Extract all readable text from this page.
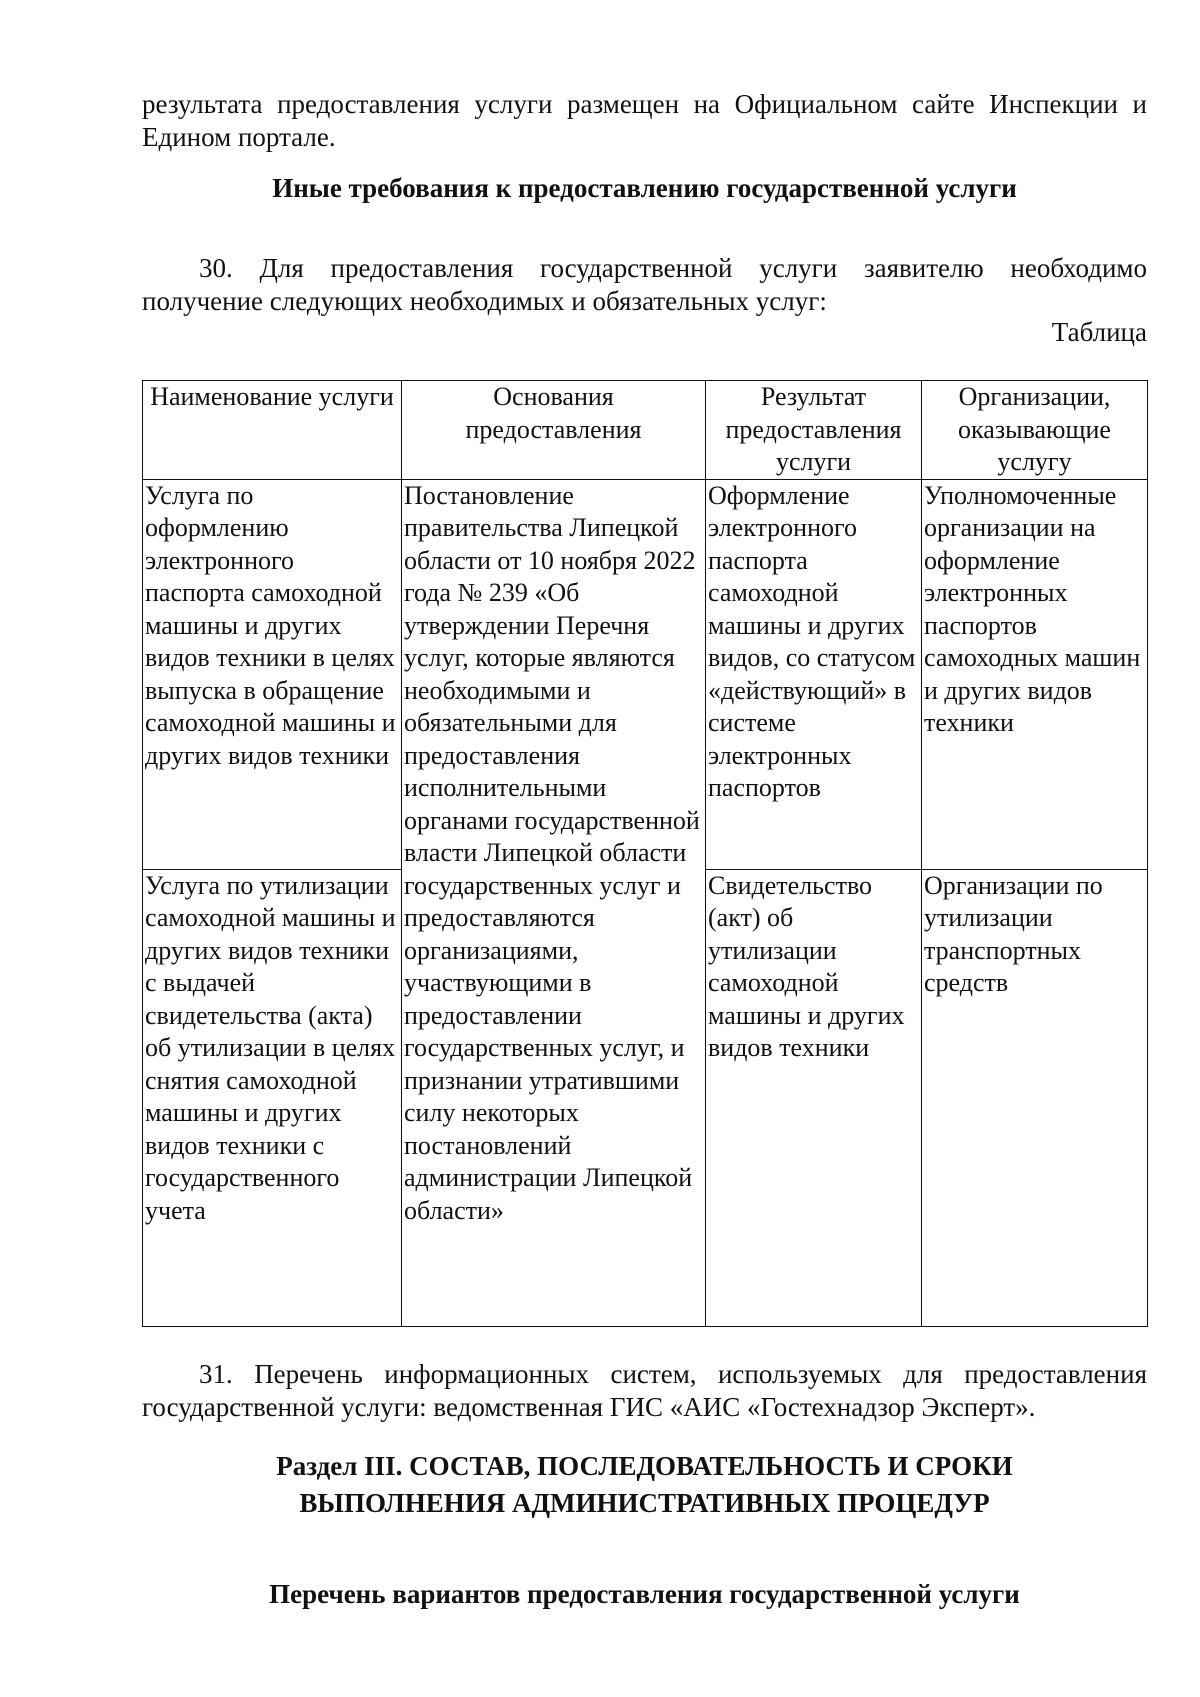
результата предоставления услуги размещен на Официальном сайте Инспекции и Едином портале.

Иные требования к предоставлению государственной услуги

30. Для предоставления государственной услуги заявителю необходимо получение следующих необходимых и обязательных услуг:

Таблица
Наименование услуги	Основания предоставления	Результат предоставления услуги	Организации, оказывающие услугу
Услуга по оформлению электронного паспорта самоходной машины и других видов техники в целях выпуска в обращение самоходной машины и других видов техники	Постановление правительства Липецкой области от 10 ноября 2022 года № 239 «Об утверждении Перечня услуг, которые являются необходимыми и обязательными для предоставления исполнительными органами государственной власти Липецкой области государственных услуг и предоставляются организациями, участвующими в предоставлении государственных услуг, и признании утратившими силу некоторых постановлений администрации Липецкой области»	Оформление электронного паспорта самоходной машины и других видов, со статусом «действующий» в системе электронных паспортов	Уполномоченные организации на оформление электронных паспортов самоходных машин и других видов техники
Услуга по утилизации самоходной машины и других видов техники с выдачей свидетельства (акта) об утилизации в целях снятия самоходной машины и других видов техники с государственного учета		Свидетельство (акт) об утилизации самоходной машины и других видов техники	Организации по утилизации транспортных средств

31. Перечень информационных систем, используемых для предоставления государственной услуги: ведомственная ГИС «АИС «Гостехнадзор Эксперт».

Раздел III. СОСТАВ, ПОСЛЕДОВАТЕЛЬНОСТЬ И СРОКИ
ВЫПОЛНЕНИЯ АДМИНИСТРАТИВНЫХ ПРОЦЕДУР
Перечень вариантов предоставления государственной услуги
